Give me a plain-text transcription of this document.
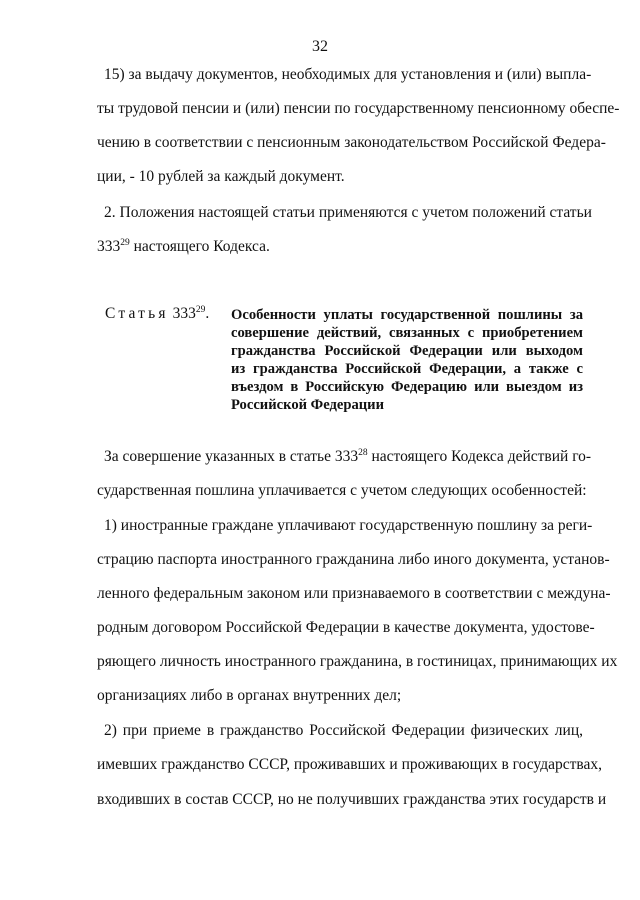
32
15) за выдачу документов, необходимых для установления и (или) выпла-
ты трудовой пенсии и (или) пенсии по государственному пенсионному обеспе-
чению в соответствии с пенсионным законодательством Российской Федера-
ции, - 10 рублей за каждый документ.
2. Положения настоящей статьи применяются с учетом положений статьи
$333^{29}$ настоящего Кодекса.
Статья $333^{29}$. Особенности уплаты государственной пошлины за
совершение действий, связанных с приобретением
гражданства Российской Федерации или выходом
из гражданства Российской Федерации, а также с
въездом в Российскую Федерацию или выездом из
Российской Федерации
За совершение указанных в статье $333^{28}$ настоящего Кодекса действий го-
сударственная пошлина уплачивается с учетом следующих особенностей:
1) иностранные граждане уплачивают государственную пошлину за реги-
страцию паспорта иностранного гражданина либо иного документа, установ-
ленного федеральным законом или признаваемого в соответствии с междуна-
родным договором Российской Федерации в качестве документа, удостове-
ряющего личность иностранного гражданина, в гостиницах, принимающих их
организациях либо в органах внутренних дел;
2) при приеме в гражданство Российской Федерации физических лиц,
имевших гражданство СССР, проживавших и проживающих в государствах,
входивших в состав СССР, но не получивших гражданства этих государств и
